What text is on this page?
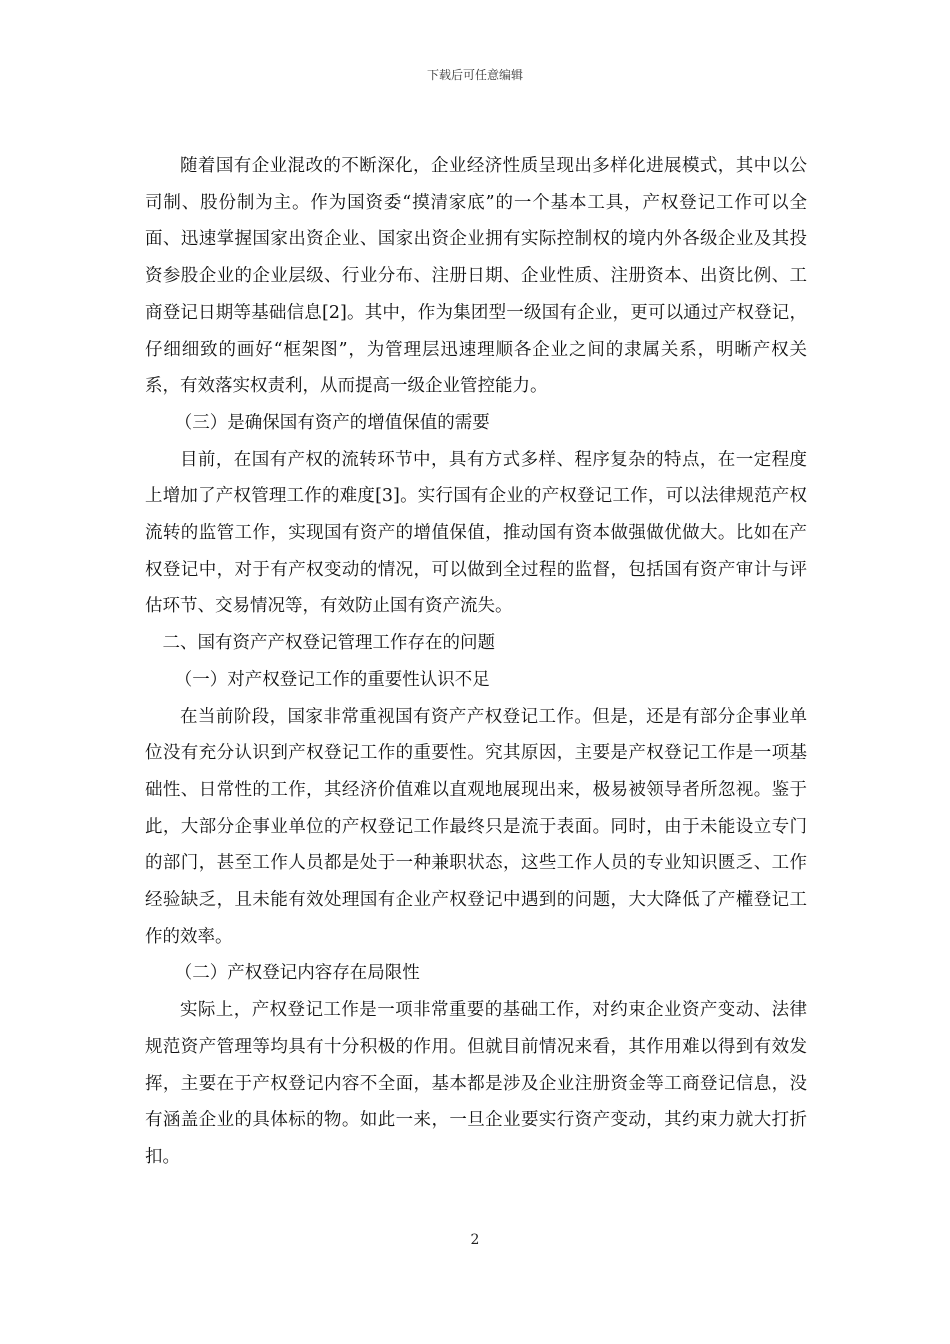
下载后可任意编辑

随着国有企业混改的不断深化，企业经济性质呈现出多样化进展模式，其中以公司制、股份制为主。作为国资委“摸清家底”的一个基本工具，产权登记工作可以全面、迅速掌握国家出资企业、国家出资企业拥有实际控制权的境内外各级企业及其投资参股企业的企业层级、行业分布、注册日期、企业性质、注册资本、出资比例、工商登记日期等基础信息[2]。其中，作为集团型一级国有企业，更可以通过产权登记，仔细细致的画好“框架图”，为管理层迅速理顺各企业之间的隶属关系，明晰产权关系，有效落实权责利，从而提高一级企业管控能力。

（三）是确保国有资产的增值保值的需要

目前，在国有产权的流转环节中，具有方式多样、程序复杂的特点，在一定程度上增加了产权管理工作的难度[3]。实行国有企业的产权登记工作，可以法律规范产权流转的监管工作，实现国有资产的增值保值，推动国有资本做强做优做大。比如在产权登记中，对于有产权变动的情况，可以做到全过程的监督，包括国有资产审计与评估环节、交易情况等，有效防止国有资产流失。

二、国有资产产权登记管理工作存在的问题

（一）对产权登记工作的重要性认识不足

在当前阶段，国家非常重视国有资产产权登记工作。但是，还是有部分企事业单位没有充分认识到产权登记工作的重要性。究其原因，主要是产权登记工作是一项基础性、日常性的工作，其经济价值难以直观地展现出来，极易被领导者所忽视。鉴于此，大部分企事业单位的产权登记工作最终只是流于表面。同时，由于未能设立专门的部门，甚至工作人员都是处于一种兼职状态，这些工作人员的专业知识匮乏、工作经验缺乏，且未能有效处理国有企业产权登记中遇到的问题，大大降低了产權登记工作的效率。

（二）产权登记内容存在局限性

实际上，产权登记工作是一项非常重要的基础工作，对约束企业资产变动、法律规范资产管理等均具有十分积极的作用。但就目前情况来看，其作用难以得到有效发挥，主要在于产权登记内容不全面，基本都是涉及企业注册资金等工商登记信息，没有涵盖企业的具体标的物。如此一来，一旦企业要实行资产变动，其约束力就大打折扣。

2
